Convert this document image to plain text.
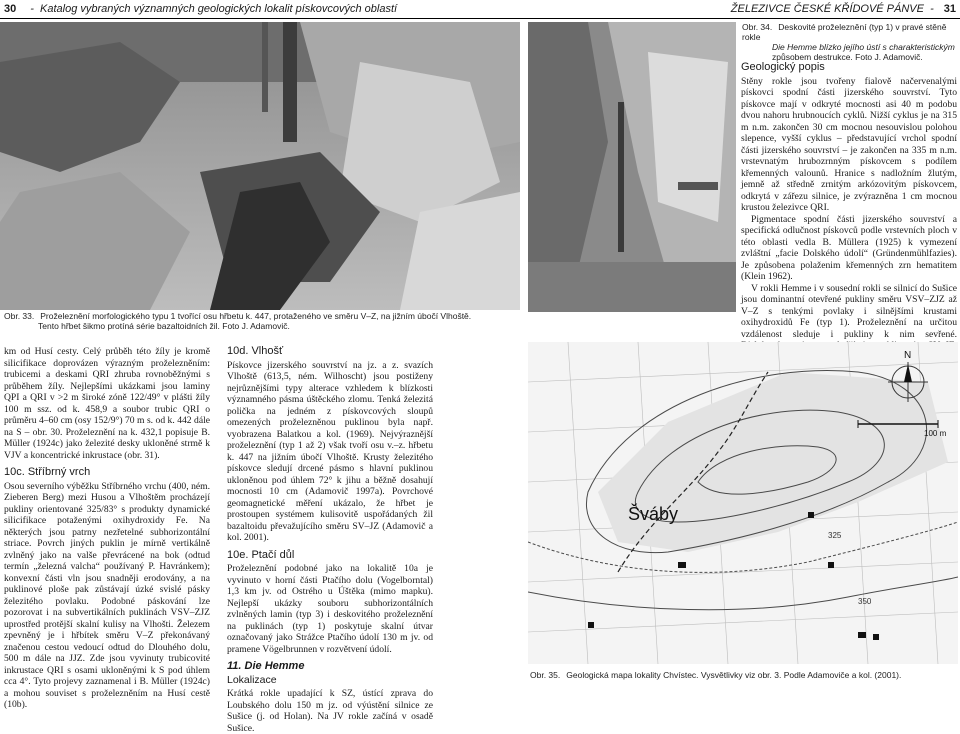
30 -  Katalog vybraných významných geologických lokalit pískovcových oblastí	ŽELEZIVCE ČESKÉ KŘÍDOVÉ PÁNVE  - 31
Obr. 33. Proželeznění morfologického typu 1 tvořící osu hřbetu k. 447, protaženého ve směru V–Z, na jižním úbočí Vlhoště.
Tento hřbet šikmo protíná série bazaltoidních žil. Foto J. Adamovič.
Obr. 34. Deskovité proželeznění (typ 1) v pravé stěně rokle
Die Hemme blízko jejího ústí s charakteristickým
způsobem destrukce. Foto J. Adamovič.
Geologický popis

Stěny rokle jsou tvořeny fialově načervenalými pískovci spodní části jizerského souvrství. Tyto pískovce mají v odkryté mocnosti asi 40 m podobu dvou nahoru hrubnoucích cyklů. Nižší cyklus je na 315 m n.m. zakončen 30 cm mocnou nesouvislou polohou slepence, vyšší cyklus – představující vrchol spodní části jizerského souvrství – je zakončen na 335 m n.m. vrstevnatým hrubozrnným pískovcem s podílem křemenných valounů. Hranice s nadložním žlutým, jemně až středně zrnitým arkózovitým pískovcem, odkrytá v zářezu silnice, je zvýrazněna 1 cm mocnou krustou železivce QRI.

Pigmentace spodní části jizerského souvrství a specifická odlučnost pískovců podle vrstevních ploch v této oblasti vedla B. Müllera (1925) k vymezení zvláštní „facie Dolského údolí“ (Gründenmühlfazies). Je způsobena polaženim křemenných zrn hematitem (Klein 1962).

V rokli Hemme i v sousední rokli se silnicí do Sušice jsou dominantní otevřené pukliny směru VSV–ZJZ až V–Z s tenkými povlaky i silnějšími krustami oxihydroxidů Fe (typ 1). Proželeznění na určitou vzdálenost sleduje i pukliny k nim sevřené.

km od Husí cesty. Celý průběh této žíly je kromě silicifikace doprovázen výrazným proželezněním: trubicemi a deskami QRI zhruba rovnoběžnými s průběhem žíly. Nejlepšími ukázkami jsou laminy QPI a QRI v >2 m široké zóně 122/49° v plášti žíly 100 m ssz. od k. 458,9 a soubor trubic QRI o průměru 4–60 cm (osy 152/9°) 70 m s. od k. 442 dále na S – obr. 30. Proželeznění na k. 432,1 popisuje B. Müller (1924c) jako železité desky ukloněné strmě k VJV a koncentrické inkrustace (obr. 31).

10c. Stříbrný vrch

Osou severního výběžku Stříbrného vrchu (400, ném. Zieberen Berg) mezi Husou a Vlhoštěm procházejí pukliny orientované 325/83° s produkty dynamické silicifikace potaženými oxihydroxidy Fe. Na některých jsou patrny nezřetelné subhorizontální striace. Povrch jiných puklin je mírně vertikálně zvlněný jako na valše převrácené na bok (odtud termín „železná valcha“ používaný P. Havránkem); konvexní části vln jsou snadněji erodovány, a na puklinové ploše pak zůstávají úzké svislé pásky železitého povlaku. Podobné páskování lze pozorovat i na subvertikálních puklinách VSV–ZJZ uprostřed protější skalní kulisy na Vlhošti. Železem zpevněný je i hřbítek směru V–Z překonávaný značenou cestou vedoucí odtud do Dlouhého dolu, 500 m dále na JJZ. Zde jsou vyvinuty trubicovité inkrustace QRI s osami ukloněnými k S pod úhlem cca 4°. Tyto projevy zaznamenal i B. Müller (1924c) a mohou souviset s proželezněním na Husí cestě (10b).

10d. Vlhošť

Pískovce jizerského souvrství na jz. a z. svazích Vlhoště (613,5, ném. Wilhoscht) jsou postiženy nejrůznějšími typy alterace vzhledem k blízkosti významného pásma úštěckého zlomu. Tenká železitá polička na jedném z pískovcových sloupů omezených proželezněnou puklinou byla např. vyobrazena Balatkou a kol. (1969). Nejvýraznější proželeznění (typ 1 až 2) však tvoří osu v.–z. hřbetu k. 447 na jižním úbočí Vlhoště. Krusty železitého pískovce sledují drcené pásmo s hlavní puklinou ukloněnou pod úhlem 72° k jihu a běžně dosahují mocnosti 10 cm (Adamovič 1997a). Povrchové geomagnetické měření ukázalo, že hřbet je prostoupen systémem kulisovitě uspořádaných žil bazaltoidu převažujícího směru SV–JZ (Adamovič a kol. 2001).

10e. Ptačí důl

Proželeznění podobné jako na lokalitě 10a je vyvinuto v horní části Ptačího dolu (Vogelborntal) 1,3 km jv. od Ostrého u Úštěka (mimo mapku). Nejlepší ukázky souboru subhorizontálních zvlněných lamin (typ 3) i deskovitého proželeznění na puklinách (typ 1) poskytuje skalní útvar označovaný jako Strážce Ptačího údolí 130 m jv. od pramene Vögelbrunnen v rozvětvení údolí.

11. Die Hemme
Lokalizace

Krátká rokle upadající k SZ, ústící zprava do Loubského dolu 150 m jz. od výústění silnice ze Sušice (j. od Holan). Na JV rokle začíná v osadě Sušice.

N
100 m
Šváby
325
350
Obr. 35. Geologická mapa lokality Chvístec. Vysvětlivky viz obr. 3. Podle Adamoviče a kol. (2001).
